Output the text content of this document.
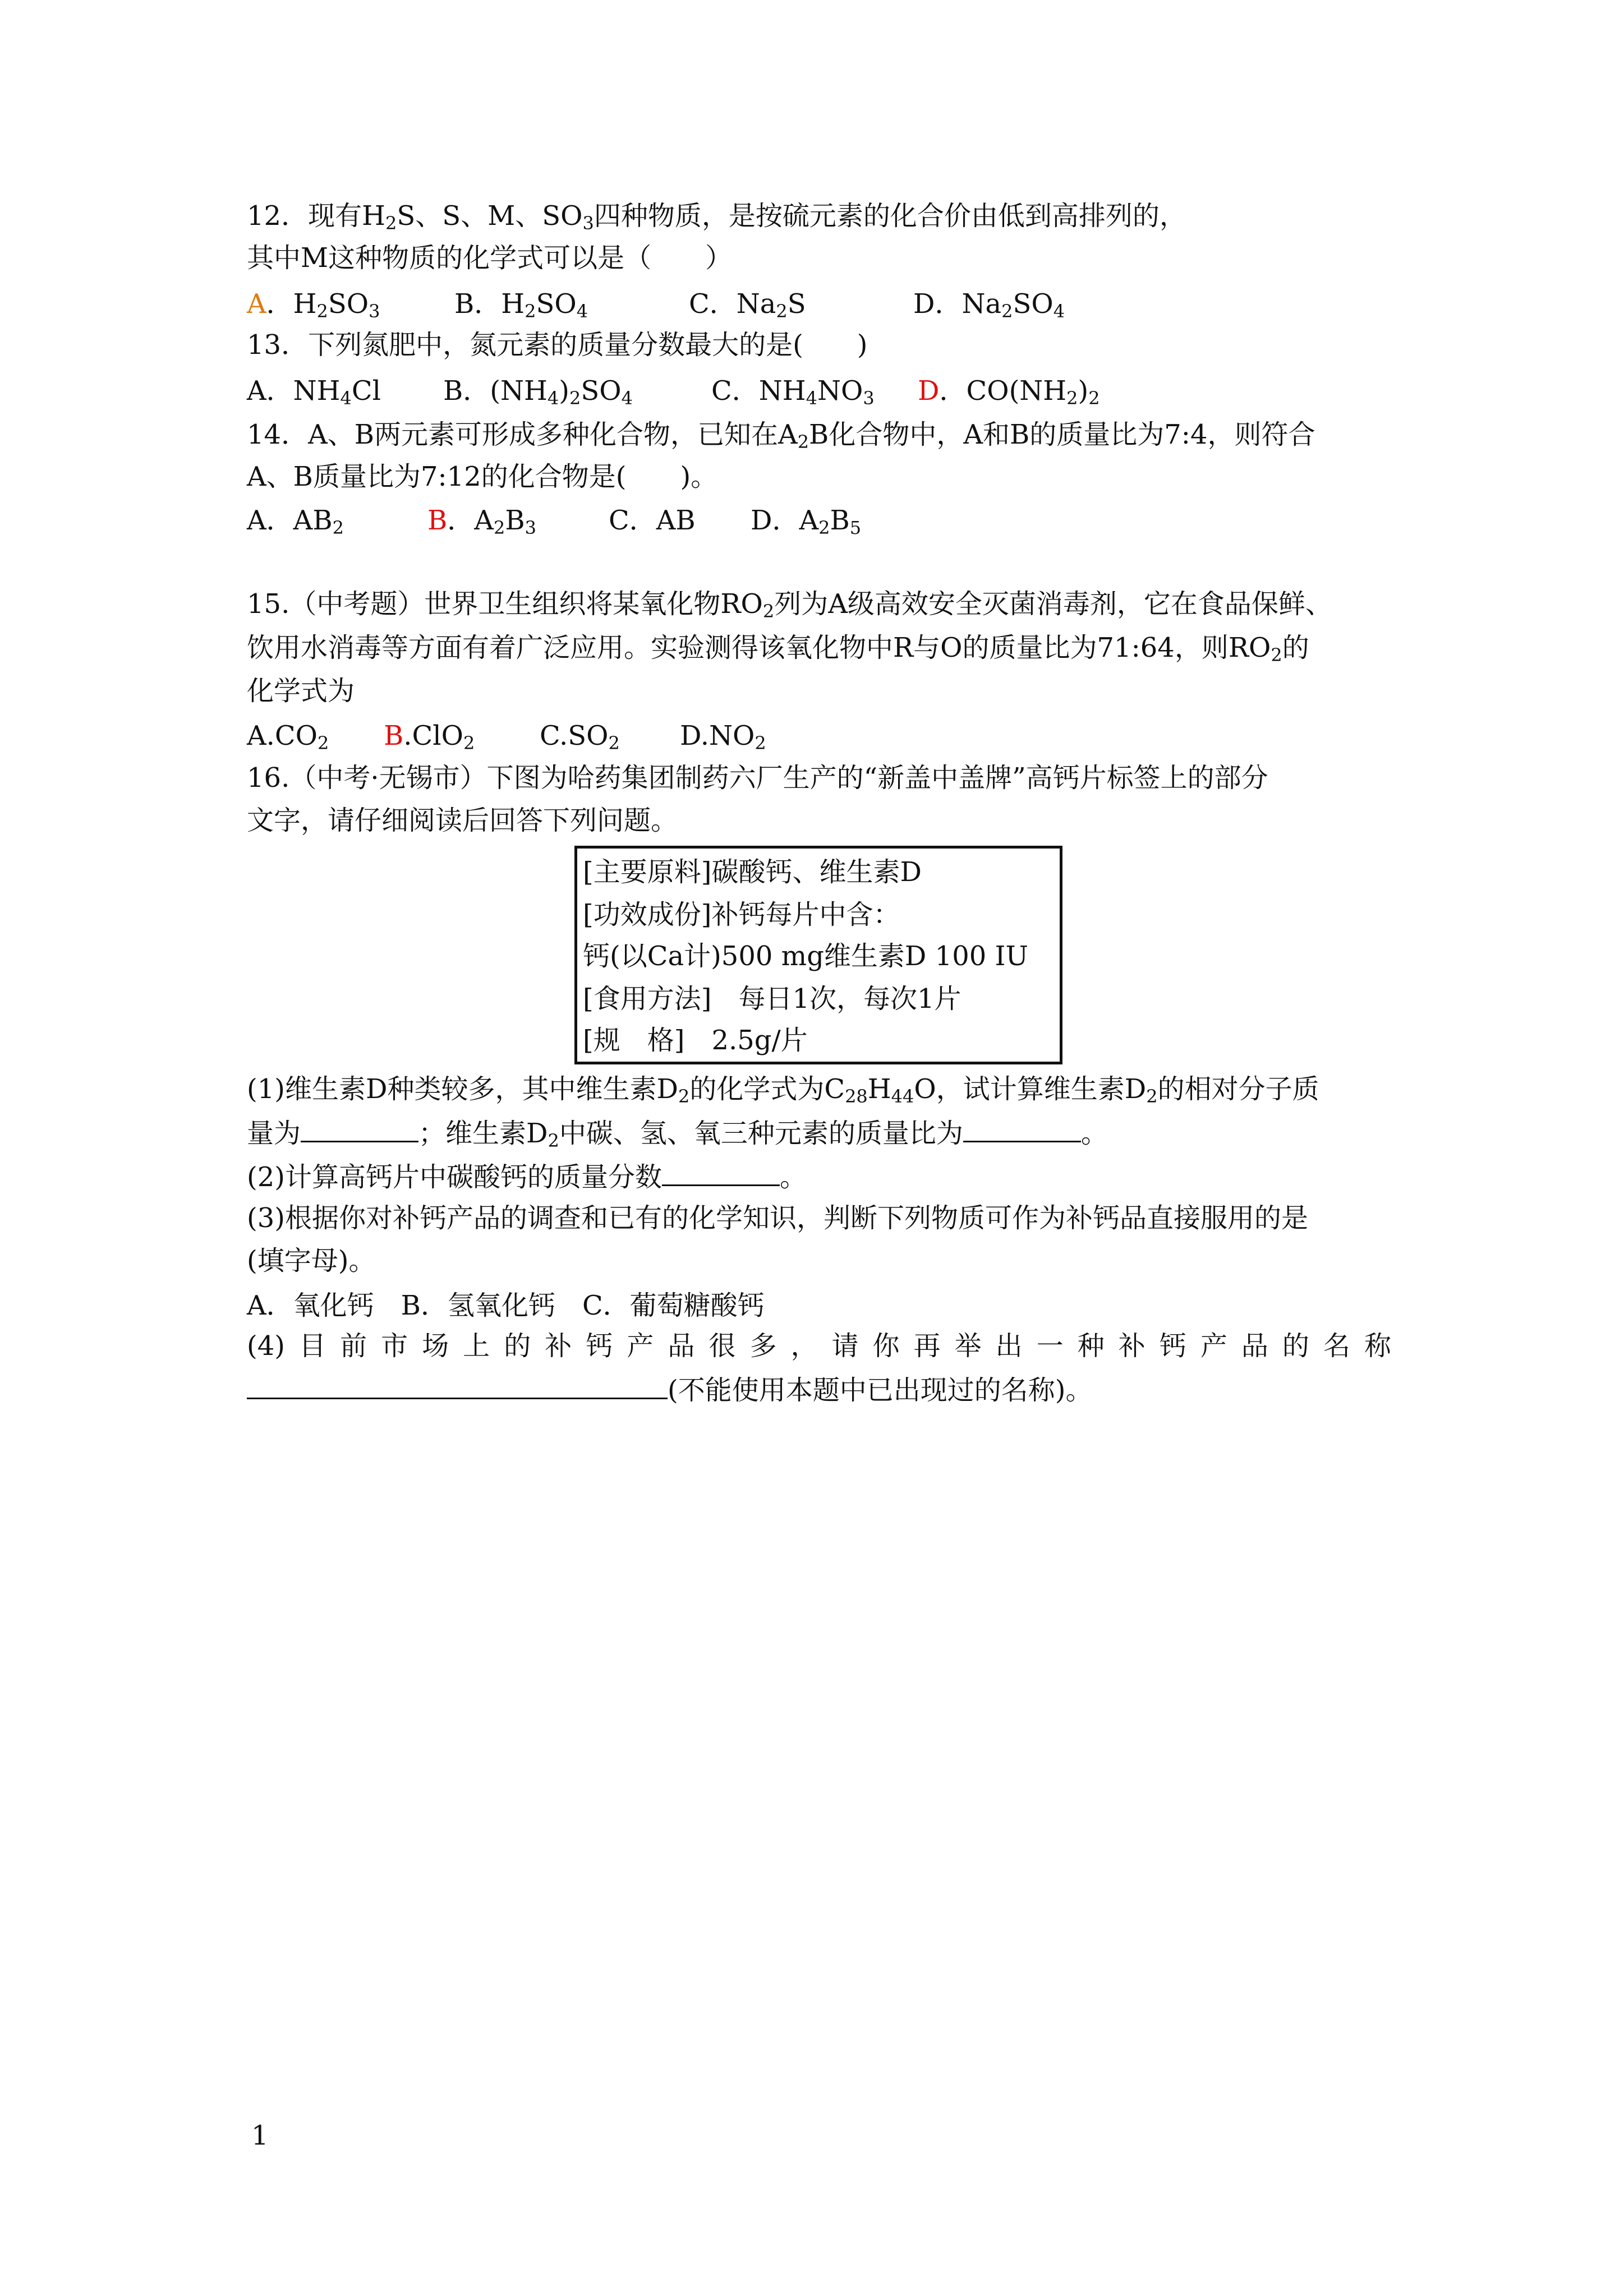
12．现有$H_2S$、S、M、$SO_3$四种物质，是按硫元素的化合价由低到高排列的，
其中M这种物质的化学式可以是（　　）
A．$H_2SO_3$	B．$H_2SO_4$	C．$Na_2S$	D．$Na_2SO_4$
13．下列氮肥中，氮元素的质量分数最大的是(　　)
A．$NH_4Cl$ B．$(NH_4)_2SO_4$	C．$NH_4NO_3$ D．$CO(NH_2)_2$
14．A、B两元素可形成多种化合物，已知在$A_2B$化合物中，A和B的质量比为7:4，则符合
A、B质量比为7:12的化合物是(　　)。
A．$AB_2$	B．$A_2B_3$	C．AB D．$A_2B_5$
15.（中考题）世界卫生组织将某氧化物$RO_2$列为A级高效安全灭菌消毒剂，它在食品保鲜、
饮用水消毒等方面有着广泛应用。实验测得该氧化物中R与O的质量比为71:64，则$RO_2$的
化学式为
$A.CO_2$ B.ClO$_2$ $C.SO_2$ $D.NO_2$
16.（中考·无锡市）下图为哈药集团制药六厂生产的“新盖中盖牌”高钙片标签上的部分
文字，请仔细阅读后回答下列问题。
[主要原料]碳酸钙、维生素D
[功效成份]补钙每片中含：
钙(以Ca计)500 mg维生素D 100 IU
[食用方法]　每日1次，每次1片
[规　格]　2.5g/片
(1)维生素D种类较多，其中维生素$D_2$的化学式为$C_{28}H_{44}O$，试计算维生素$D_2$的相对分子质
量为	；维生素$D_2$中碳、氢、氧三种元素的质量比为	。
(2)计算高钙片中碳酸钙的质量分数	。
(3)根据你对补钙产品的调查和已有的化学知识，判断下列物质可作为补钙品直接服用的是
(填字母)。
A．氧化钙　B．氢氧化钙　C．葡萄糖酸钙
(4)目前市场上的补钙产品很多，请你再举出一种补钙产品的名称
(不能使用本题中已出现过的名称)。
1
